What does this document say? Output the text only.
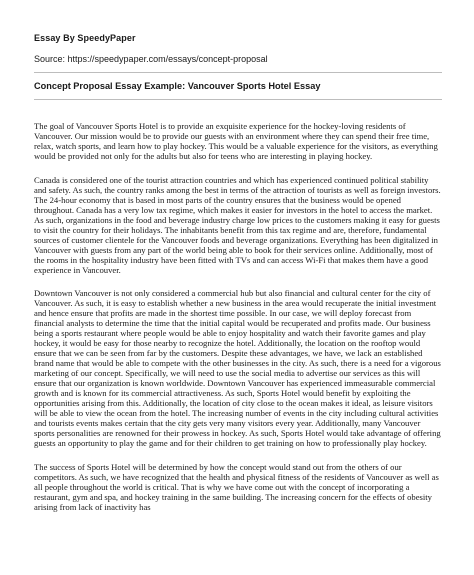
Essay By SpeedyPaper
Source: https://speedypaper.com/essays/concept-proposal
Concept Proposal Essay Example: Vancouver Sports Hotel Essay

The goal of Vancouver Sports Hotel is to provide an exquisite experience for the hockey-loving residents of Vancouver. Our mission would be to provide our guests with an environment where they can spend their free time, relax, watch sports, and learn how to play hockey. This would be a valuable experience for the visitors, as everything would be provided not only for the adults but also for teens who are interesting in playing hockey.

Canada is considered one of the tourist attraction countries and which has experienced continued political stability and safety. As such, the country ranks among the best in terms of the attraction of tourists as well as foreign investors. The 24-hour economy that is based in most parts of the country ensures that the business would be opened throughout. Canada has a very low tax regime, which makes it easier for investors in the hotel to access the market. As such, organizations in the food and beverage industry charge low prices to the customers making it easy for guests to visit the country for their holidays. The inhabitants benefit from this tax regime and are, therefore, fundamental sources of customer clientele for the Vancouver foods and beverage organizations. Everything has been digitalized in Vancouver with guests from any part of the world being able to book for their services online. Additionally, most of the rooms in the hospitality industry have been fitted with TVs and can access Wi-Fi that makes them have a good experience in Vancouver.

Downtown Vancouver is not only considered a commercial hub but also financial and cultural center for the city of Vancouver. As such, it is easy to establish whether a new business in the area would recuperate the initial investment and hence ensure that profits are made in the shortest time possible. In our case, we will deploy forecast from financial analysts to determine the time that the initial capital would be recuperated and profits made. Our business being a sports restaurant where people would be able to enjoy hospitality and watch their favorite games and play hockey, it would be easy for those nearby to recognize the hotel. Additionally, the location on the rooftop would ensure that we can be seen from far by the customers. Despite these advantages, we have, we lack an established brand name that would be able to compete with the other businesses in the city. As such, there is a need for a vigorous marketing of our concept. Specifically, we will need to use the social media to advertise our services as this will ensure that our organization is known worldwide. Downtown Vancouver has experienced immeasurable commercial growth and is known for its commercial attractiveness. As such, Sports Hotel would benefit by exploiting the opportunities arising from this. Additionally, the location of city close to the ocean makes it ideal, as leisure visitors will be able to view the ocean from the hotel. The increasing number of events in the city including cultural activities and tourists events makes certain that the city gets very many visitors every year. Additionally, many Vancouver sports personalities are renowned for their prowess in hockey. As such, Sports Hotel would take advantage of offering guests an opportunity to play the game and for their children to get training on how to professionally play hockey.

The success of Sports Hotel will be determined by how the concept would stand out from the others of our competitors. As such, we have recognized that the health and physical fitness of the residents of Vancouver as well as all people throughout the world is critical. That is why we have come out with the concept of incorporating a restaurant, gym and spa, and hockey training in the same building. The increasing concern for the effects of obesity arising from lack of inactivity has
